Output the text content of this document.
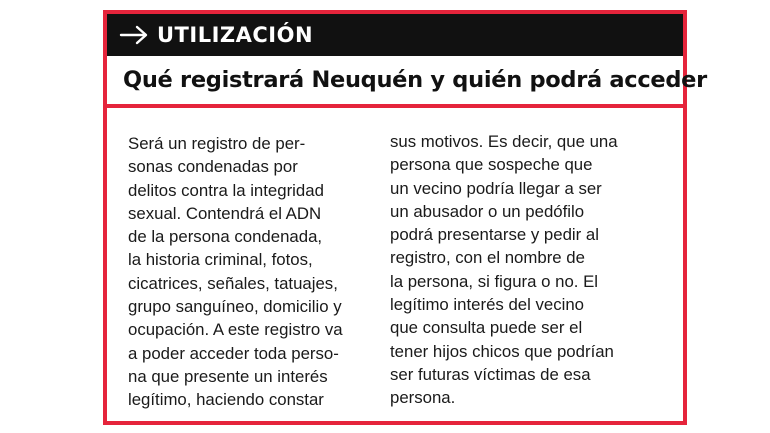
UTILIZACIÓN
Qué registrará Neuquén y quién podrá acceder
Será un registro de per-
sonas condenadas por
delitos contra la integridad
sexual. Contendrá el ADN
de la persona condenada,
la historia criminal, fotos,
cicatrices, señales, tatuajes,
grupo sanguíneo, domicilio y
ocupación. A este registro va
a poder acceder toda perso-
na que presente un interés
legítimo, haciendo constar
sus motivos. Es decir, que una
persona que sospeche que
un vecino podría llegar a ser
un abusador o un pedófilo
podrá presentarse y pedir al
registro, con el nombre de
la persona, si figura o no. El
legítimo interés del vecino
que consulta puede ser el
tener hijos chicos que podrían
ser futuras víctimas de esa
persona.
